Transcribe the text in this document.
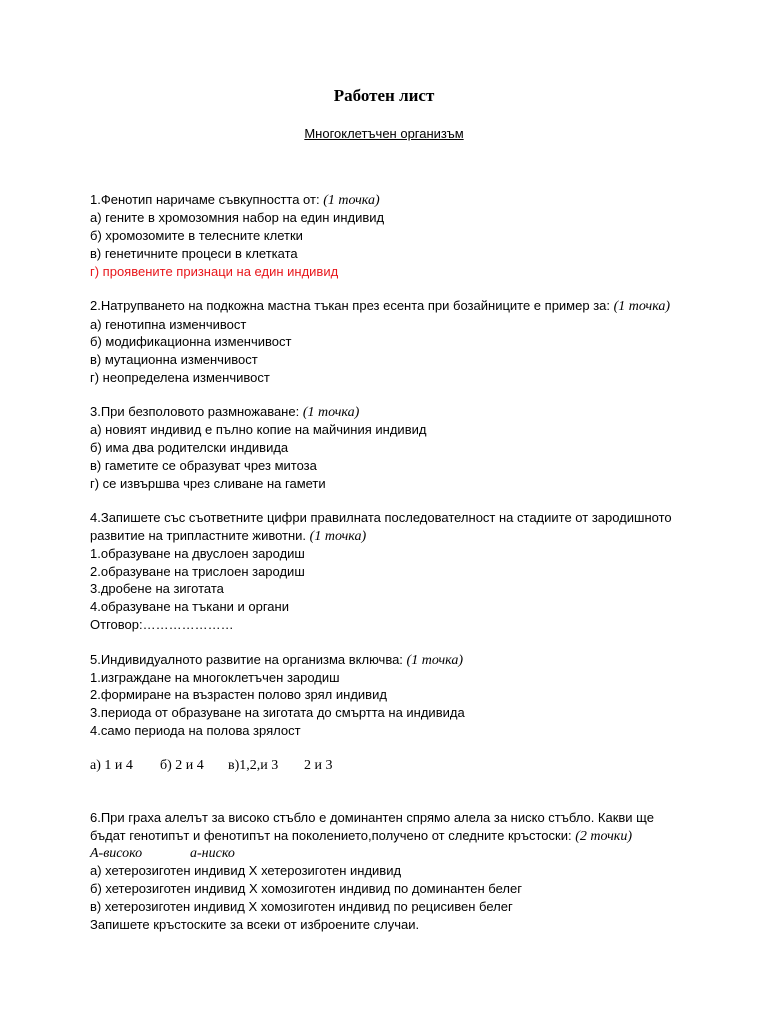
Работен лист
Многоклетъчен организъм
1.Фенотип наричаме съвкупността от: (1 точка)
а) гените в хромозомния набор на един индивид
б) хромозомите в телесните клетки
в) генетичните процеси в клетката
г) проявените признаци на един индивид
2.Натрупването на подкожна мастна тъкан през есента при бозайниците е пример за: (1 точка)
а) генотипна изменчивост
б) модификационна изменчивост
в) мутационна изменчивост
г) неопределена изменчивост
3.При безполовото размножаване: (1 точка)
а) новият индивид е пълно копие на майчиния индивид
б) има два родителски индивида
в) гаметите се образуват чрез митоза
г) се извършва чрез сливане на гамети
4.Запишете със съответните цифри правилната последователност на стадиите от зародишното
развитие на трипластните животни. (1 точка)
1.образуване на двуслоен зародиш
2.образуване на трислоен зародиш
3.дробене на зиготата
4.образуване на тъкани и органи
Отговор:…………………
5.Индивидуалното развитие на организма включва: (1 точка)
1.изграждане на многоклетъчен зародиш
2.формиране на възрастен полово зрял индивид
3.периода от образуване на зиготата до смъртта на индивида
4.само периода на полова зрялост
а) 1 и 4 б) 2 и 4 в)1,2,и 3 2 и 3
6.При граха алелът за високо стъбло е доминантен спрямо алела за ниско стъбло. Какви ще
бъдат генотипът и фенотипът на поколението,получено от следните кръстоски: (2 точки)
А-високо	а-ниско
а) хетерозиготен индивид Х хетерозиготен индивид
б) хетерозиготен индивид Х хомозиготен индивид по доминантен белег
в) хетерозиготен индивид Х хомозиготен индивид по рецисивен белег
Запишете кръстоските за всеки от изброените случаи.
